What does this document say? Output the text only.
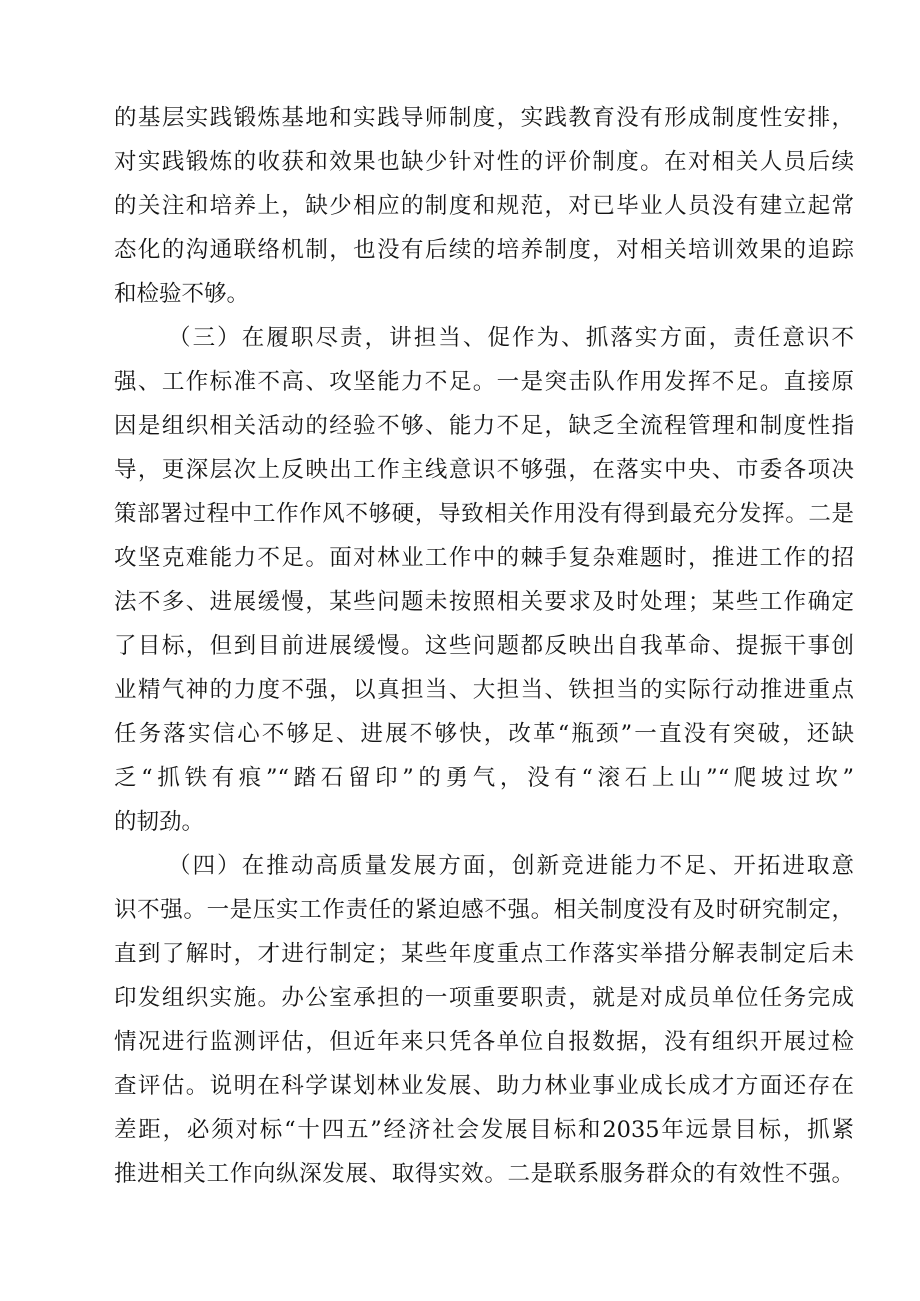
的基层实践锻炼基地和实践导师制度，实践教育没有形成制度性安排，
对实践锻炼的收获和效果也缺少针对性的评价制度。在对相关人员后续
的关注和培养上，缺少相应的制度和规范，对已毕业人员没有建立起常
态化的沟通联络机制，也没有后续的培养制度，对相关培训效果的追踪
和检验不够。
（三）在履职尽责，讲担当、促作为、抓落实方面，责任意识不
强、工作标准不高、攻坚能力不足。一是突击队作用发挥不足。直接原
因是组织相关活动的经验不够、能力不足，缺乏全流程管理和制度性指
导，更深层次上反映出工作主线意识不够强，在落实中央、市委各项决
策部署过程中工作作风不够硬，导致相关作用没有得到最充分发挥。二是
攻坚克难能力不足。面对林业工作中的棘手复杂难题时，推进工作的招
法不多、进展缓慢，某些问题未按照相关要求及时处理；某些工作确定
了目标，但到目前进展缓慢。这些问题都反映出自我革命、提振干事创
业精气神的力度不强，以真担当、大担当、铁担当的实际行动推进重点
任务落实信心不够足、进展不够快，改革“瓶颈”一直没有突破，还缺
乏“抓铁有痕”“踏石留印”的勇气，没有“滚石上山”“爬坡过坎”
的韧劲。
（四）在推动高质量发展方面，创新竞进能力不足、开拓进取意
识不强。一是压实工作责任的紧迫感不强。相关制度没有及时研究制定，
直到了解时，才进行制定；某些年度重点工作落实举措分解表制定后未
印发组织实施。办公室承担的一项重要职责，就是对成员单位任务完成
情况进行监测评估，但近年来只凭各单位自报数据，没有组织开展过检
查评估。说明在科学谋划林业发展、助力林业事业成长成才方面还存在
差距，必须对标“十四五”经济社会发展目标和2035年远景目标，抓紧
推进相关工作向纵深发展、取得实效。二是联系服务群众的有效性不强。
